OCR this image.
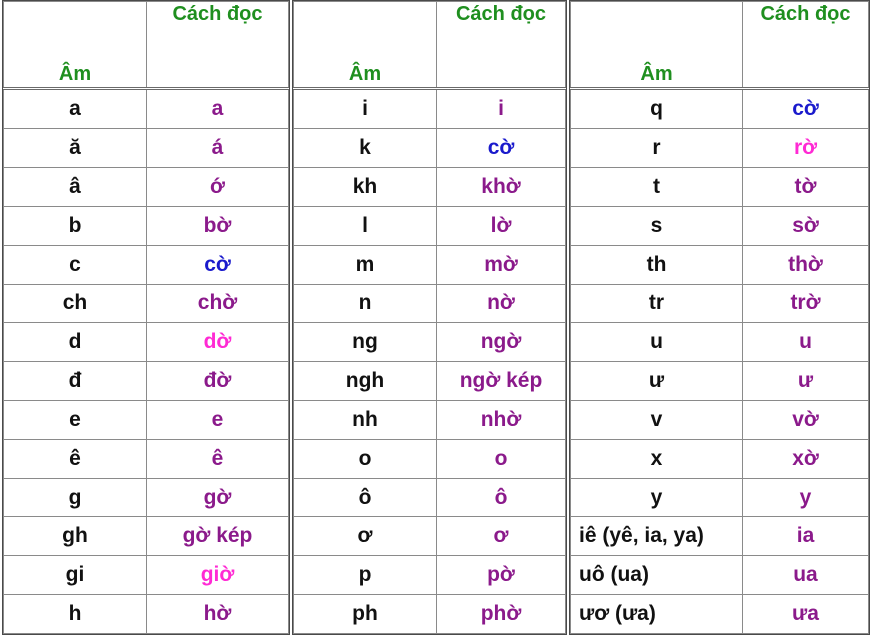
Âm	Cách đọc
a	a
ă	á
â	ớ
b	bờ
c	cờ
ch	chờ
d	dờ
đ	đờ
e	e
ê	ê
g	gờ
gh	gờ kép
gi	giờ
h	hờ
Âm	Cách đọc
i	i
k	cờ
kh	khờ
l	lờ
m	mờ
n	nờ
ng	ngờ
ngh	ngờ kép
nh	nhờ
o	o
ô	ô
ơ	ơ
p	pờ
ph	phờ
Âm	Cách đọc
q	cờ
r	rờ
t	tờ
s	sờ
th	thờ
tr	trờ
u	u
ư	ư
v	vờ
x	xờ
y	y
iê (yê, ia, ya)	ia
uô (ua)	ua
ươ (ưa)	ưa
